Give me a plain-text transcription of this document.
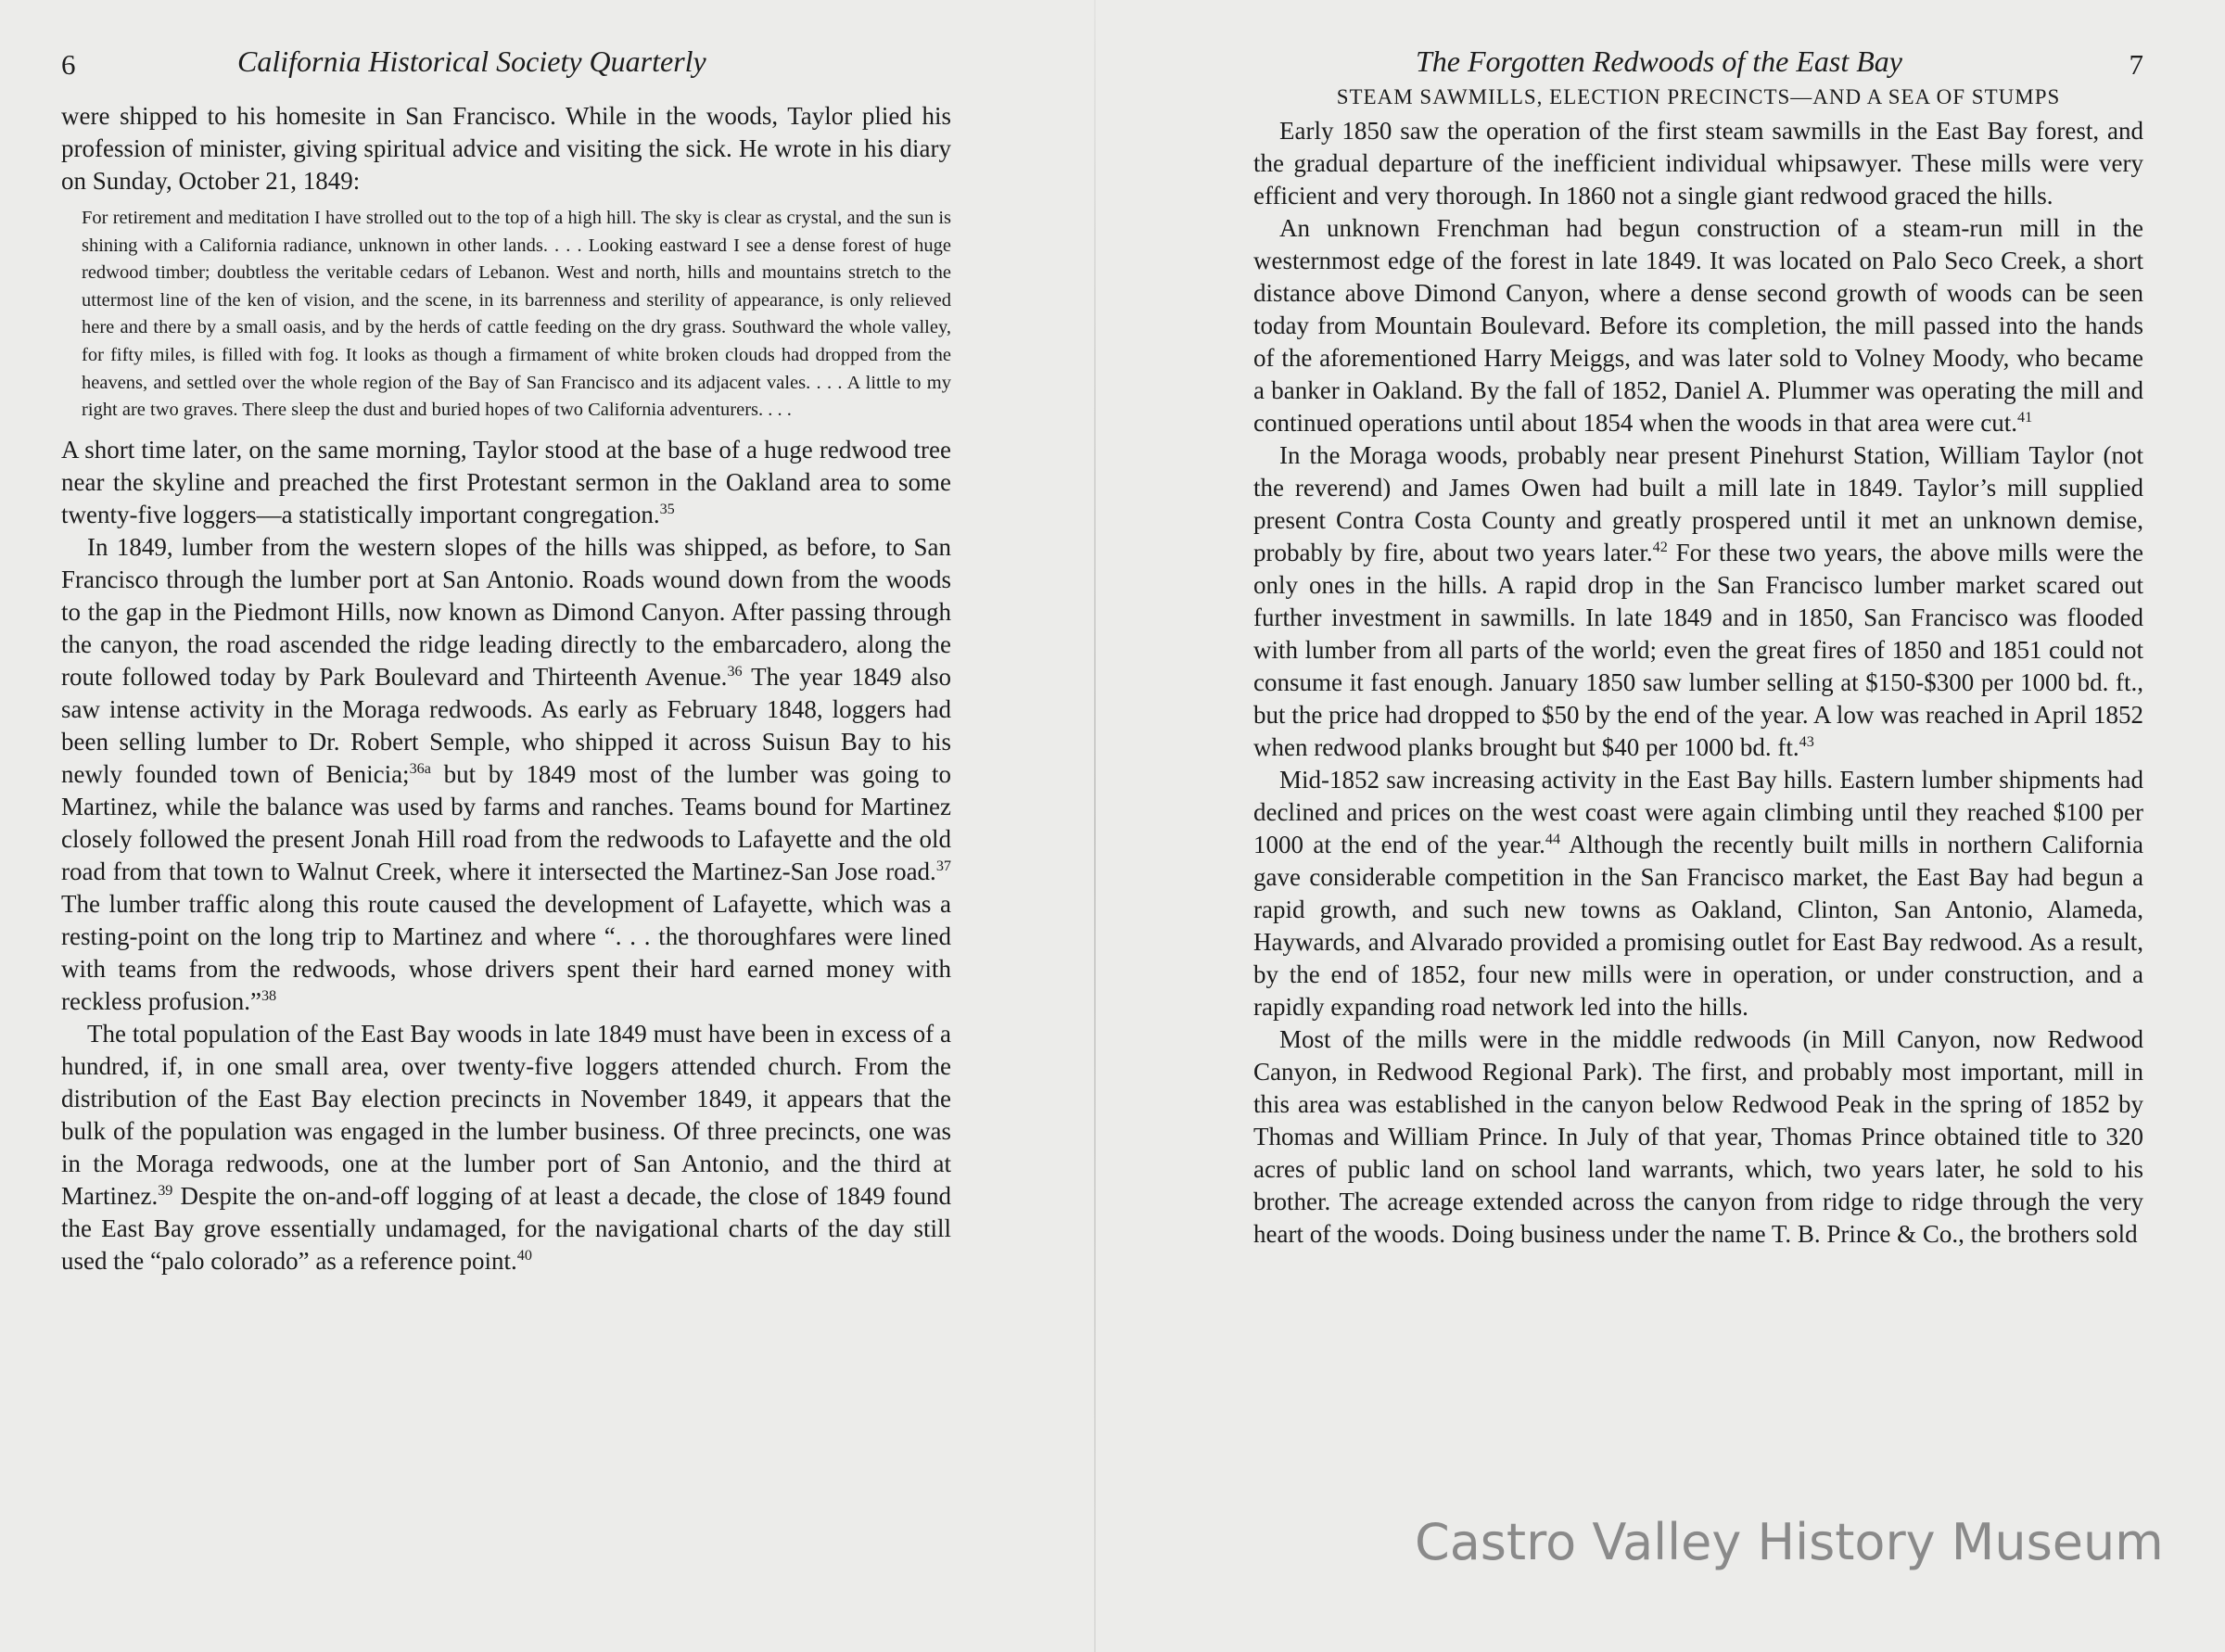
6	California Historical Society Quarterly

were shipped to his homesite in San Francisco. While in the woods, Taylor plied his profession of minister, giving spiritual advice and visiting the sick. He wrote in his diary on Sunday, October 21, 1849:

For retirement and meditation I have strolled out to the top of a high hill. The sky is clear as crystal, and the sun is shining with a California radiance, unknown in other lands. . . . Looking eastward I see a dense forest of huge redwood timber; doubtless the veritable cedars of Lebanon. West and north, hills and mountains stretch to the uttermost line of the ken of vision, and the scene, in its barrenness and sterility of appearance, is only relieved here and there by a small oasis, and by the herds of cattle feeding on the dry grass. Southward the whole valley, for fifty miles, is filled with fog. It looks as though a firmament of white broken clouds had dropped from the heavens, and settled over the whole region of the Bay of San Francisco and its adjacent vales. . . . A little to my right are two graves. There sleep the dust and buried hopes of two California adventurers. . . .

A short time later, on the same morning, Taylor stood at the base of a huge redwood tree near the skyline and preached the first Protestant sermon in the Oakland area to some twenty-five loggers—a statistically important congregation.$^{35}$

In 1849, lumber from the western slopes of the hills was shipped, as before, to San Francisco through the lumber port at San Antonio. Roads wound down from the woods to the gap in the Piedmont Hills, now known as Dimond Canyon. After passing through the canyon, the road ascended the ridge leading directly to the embarcadero, along the route followed today by Park Boulevard and Thirteenth Avenue.$^{36}$ The year 1849 also saw intense activity in the Moraga redwoods. As early as February 1848, loggers had been selling lumber to Dr. Robert Semple, who shipped it across Suisun Bay to his newly founded town of Benicia;$^{36a}$ but by 1849 most of the lumber was going to Martinez, while the balance was used by farms and ranches. Teams bound for Martinez closely followed the present Jonah Hill road from the redwoods to Lafayette and the old road from that town to Walnut Creek, where it intersected the Martinez-San Jose road.$^{37}$ The lumber traffic along this route caused the development of Lafayette, which was a resting-point on the long trip to Martinez and where “. . . the thoroughfares were lined with teams from the redwoods, whose drivers spent their hard earned money with reckless profusion.”$^{38}$

The total population of the East Bay woods in late 1849 must have been in excess of a hundred, if, in one small area, over twenty-five loggers attended church. From the distribution of the East Bay election precincts in November 1849, it appears that the bulk of the population was engaged in the lumber business. Of three precincts, one was in the Moraga redwoods, one at the lumber port of San Antonio, and the third at Martinez.$^{39}$ Despite the on-and-off logging of at least a decade, the close of 1849 found the East Bay grove essentially undamaged, for the navigational charts of the day still used the “palo colorado” as a reference point.$^{40}$

The Forgotten Redwoods of the East Bay	7
STEAM SAWMILLS, ELECTION PRECINCTS—AND A SEA OF STUMPS

Early 1850 saw the operation of the first steam sawmills in the East Bay forest, and the gradual departure of the inefficient individual whipsawyer. These mills were very efficient and very thorough. In 1860 not a single giant redwood graced the hills.

An unknown Frenchman had begun construction of a steam-run mill in the westernmost edge of the forest in late 1849. It was located on Palo Seco Creek, a short distance above Dimond Canyon, where a dense second growth of woods can be seen today from Mountain Boulevard. Before its completion, the mill passed into the hands of the aforementioned Harry Meiggs, and was later sold to Volney Moody, who became a banker in Oakland. By the fall of 1852, Daniel A. Plummer was operating the mill and continued operations until about 1854 when the woods in that area were cut.$^{41}$

In the Moraga woods, probably near present Pinehurst Station, William Taylor (not the reverend) and James Owen had built a mill late in 1849. Taylor’s mill supplied present Contra Costa County and greatly prospered until it met an unknown demise, probably by fire, about two years later.$^{42}$ For these two years, the above mills were the only ones in the hills. A rapid drop in the San Francisco lumber market scared out further investment in sawmills. In late 1849 and in 1850, San Francisco was flooded with lumber from all parts of the world; even the great fires of 1850 and 1851 could not consume it fast enough. January 1850 saw lumber selling at $150-$300 per 1000 bd. ft., but the price had dropped to $50 by the end of the year. A low was reached in April 1852 when redwood planks brought but $40 per 1000 bd. ft.$^{43}$

Mid-1852 saw increasing activity in the East Bay hills. Eastern lumber shipments had declined and prices on the west coast were again climbing until they reached $100 per 1000 at the end of the year.$^{44}$ Although the recently built mills in northern California gave considerable competition in the San Francisco market, the East Bay had begun a rapid growth, and such new towns as Oakland, Clinton, San Antonio, Alameda, Haywards, and Alvarado provided a promising outlet for East Bay redwood. As a result, by the end of 1852, four new mills were in operation, or under construction, and a rapidly expanding road network led into the hills.

Most of the mills were in the middle redwoods (in Mill Canyon, now Redwood Canyon, in Redwood Regional Park). The first, and probably most important, mill in this area was established in the canyon below Redwood Peak in the spring of 1852 by Thomas and William Prince. In July of that year, Thomas Prince obtained title to 320 acres of public land on school land warrants, which, two years later, he sold to his brother. The acreage extended across the canyon from ridge to ridge through the very heart of the woods. Doing business under the name T. B. Prince & Co., the brothers sold

Castro Valley History Museum
